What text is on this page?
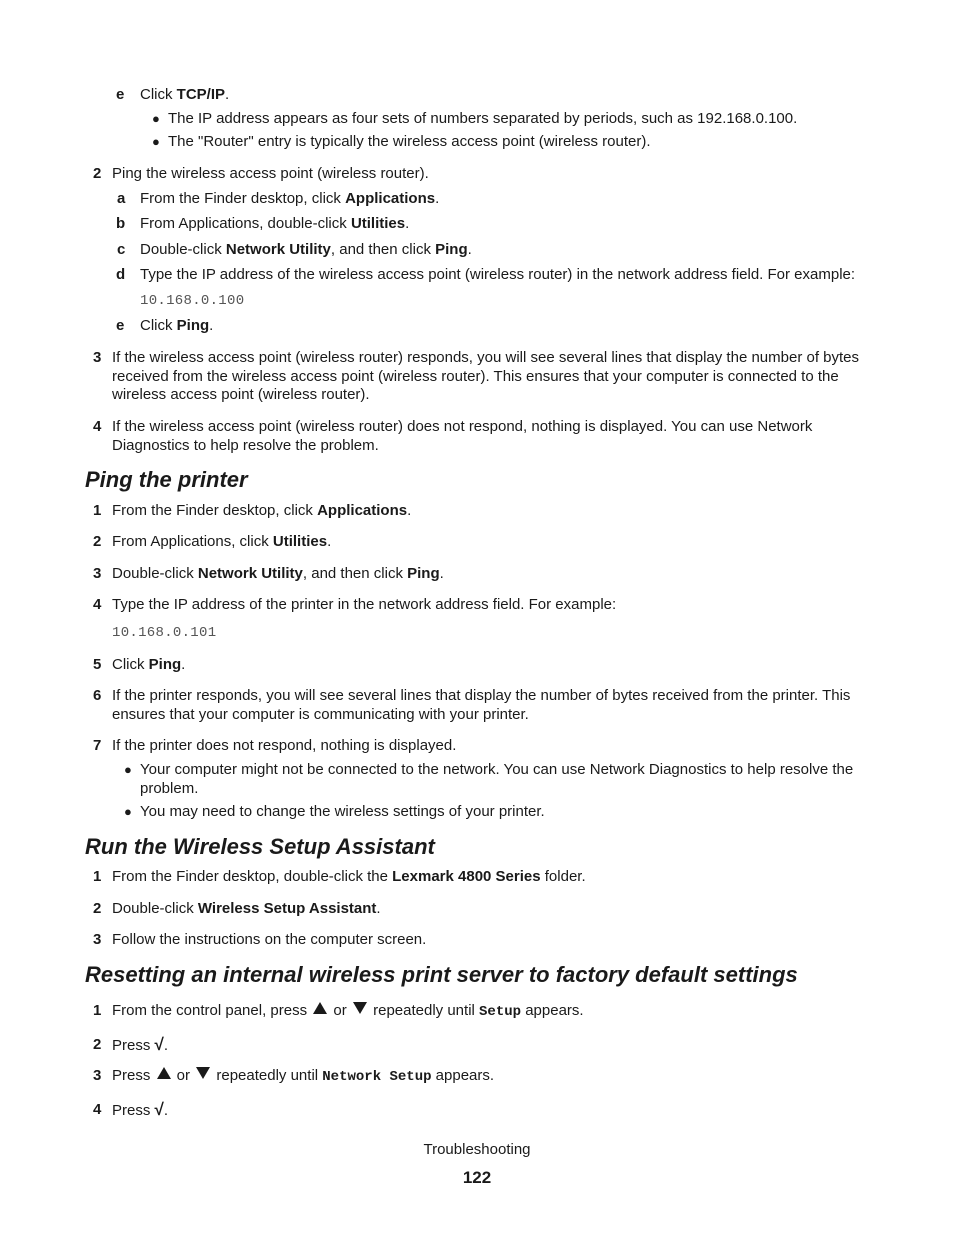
e Click TCP/IP.

● The IP address appears as four sets of numbers separated by periods, such as 192.168.0.100.

● The "Router" entry is typically the wireless access point (wireless router).

2 Ping the wireless access point (wireless router).

a From the Finder desktop, click Applications.

b From Applications, double-click Utilities.

c Double-click Network Utility, and then click Ping.

d Type the IP address of the wireless access point (wireless router) in the network address field. For example:

10.168.0.100

e Click Ping.

3 If the wireless access point (wireless router) responds, you will see several lines that display the number of bytes received from the wireless access point (wireless router). This ensures that your computer is connected to the wireless access point (wireless router).

4 If the wireless access point (wireless router) does not respond, nothing is displayed. You can use Network Diagnostics to help resolve the problem.

Ping the printer

1 From the Finder desktop, click Applications.

2 From Applications, click Utilities.

3 Double-click Network Utility, and then click Ping.

4 Type the IP address of the printer in the network address field. For example:

10.168.0.101

5 Click Ping.

6 If the printer responds, you will see several lines that display the number of bytes received from the printer. This ensures that your computer is communicating with your printer.

7 If the printer does not respond, nothing is displayed.

● Your computer might not be connected to the network. You can use Network Diagnostics to help resolve the problem.

● You may need to change the wireless settings of your printer.

Run the Wireless Setup Assistant

1 From the Finder desktop, double-click the Lexmark 4800 Series folder.

2 Double-click Wireless Setup Assistant.

3 Follow the instructions on the computer screen.

Resetting an internal wireless print server to factory default settings

1 From the control panel, press  or  repeatedly until Setup appears.

2 Press √.

3 Press  or  repeatedly until Network Setup appears.

4 Press √.

Troubleshooting

122
